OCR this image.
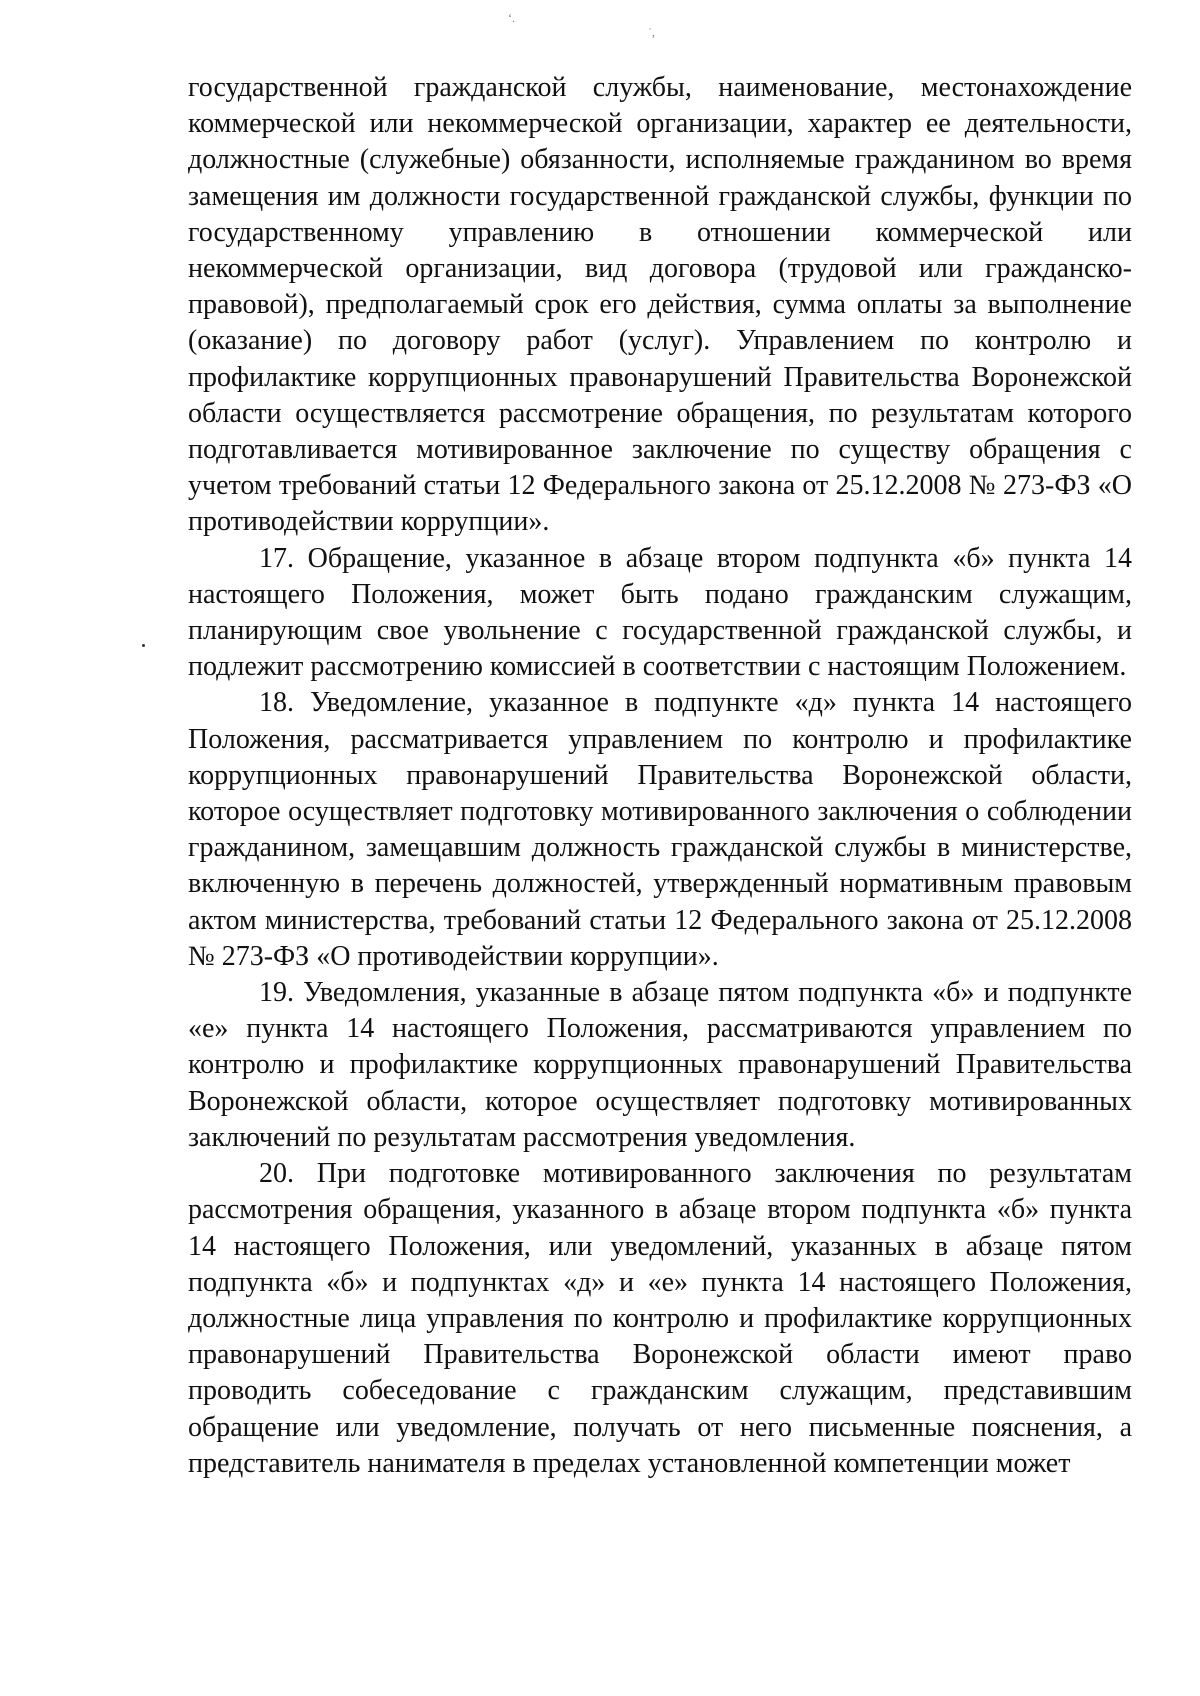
‘.
˙,

государственной гражданской службы, наименование, местонахождение коммерческой или некоммерческой организации, характер ее деятельности, должностные (служебные) обязанности, исполняемые гражданином во время замещения им должности государственной гражданской службы, функции по государственному управлению в отношении коммерческой или некоммерческой организации, вид договора (трудовой или гражданско-правовой), предполагаемый срок его действия, сумма оплаты за выполнение (оказание) по договору работ (услуг). Управлением по контролю и профилактике коррупционных правонарушений Правительства Воронежской области осуществляется рассмотрение обращения, по результатам которого подготавливается мотивированное заключение по существу обращения с учетом требований статьи 12 Федерального закона от 25.12.2008 № 273-ФЗ «О противодействии коррупции».

17. Обращение, указанное в абзаце втором подпункта «б» пункта 14 настоящего Положения, может быть подано гражданским служащим, планирующим свое увольнение с государственной гражданской службы, и подлежит рассмотрению комиссией в соответствии с настоящим Положением.

18. Уведомление, указанное в подпункте «д» пункта 14 настоящего Положения, рассматривается управлением по контролю и профилактике коррупционных правонарушений Правительства Воронежской области, которое осуществляет подготовку мотивированного заключения о соблюдении гражданином, замещавшим должность гражданской службы в министерстве, включенную в перечень должностей, утвержденный нормативным правовым актом министерства, требований статьи 12 Федерального закона от 25.12.2008 № 273-ФЗ «О противодействии коррупции».

19. Уведомления, указанные в абзаце пятом подпункта «б» и подпункте «е» пункта 14 настоящего Положения, рассматриваются управлением по контролю и профилактике коррупционных правонарушений Правительства Воронежской области, которое осуществляет подготовку мотивированных заключений по результатам рассмотрения уведомления.

20. При подготовке мотивированного заключения по результатам рассмотрения обращения, указанного в абзаце втором подпункта «б» пункта 14 настоящего Положения, или уведомлений, указанных в абзаце пятом подпункта «б» и подпунктах «д» и «е» пункта 14 настоящего Положения, должностные лица управления по контролю и профилактике коррупционных правонарушений Правительства Воронежской области имеют право проводить собеседование с гражданским служащим, представившим обращение или уведомление, получать от него письменные пояснения, а представитель нанимателя в пределах установленной компетенции может
